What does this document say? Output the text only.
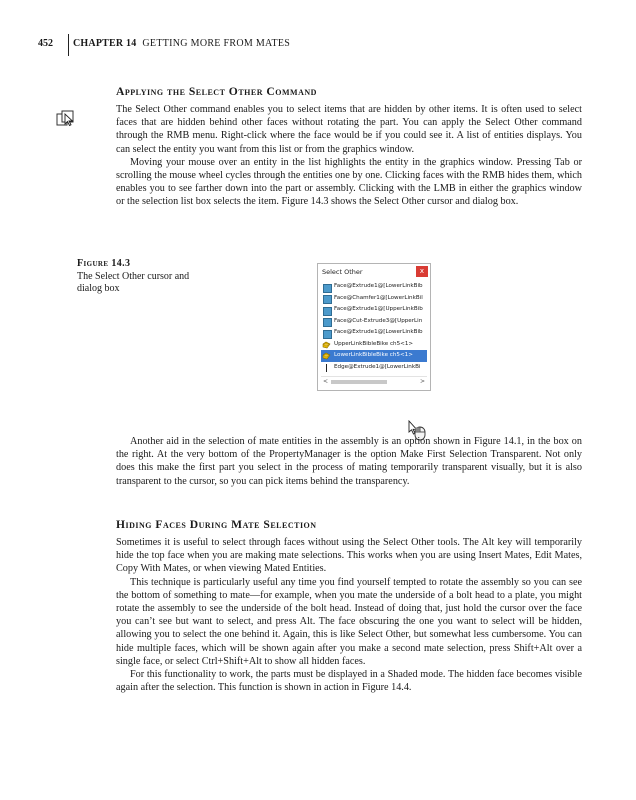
452 CHAPTER 14 GETTING MORE FROM MATES
Applying the Select Other Command

The Select Other command enables you to select items that are hidden by other items. It is often used to select faces that are hidden behind other faces without rotating the part. You can apply the Select Other command through the RMB menu. Right-click where the face would be if you could see it. A list of entities displays. You can select the entity you want from this list or from the graphics window.

Moving your mouse over an entity in the list highlights the entity in the graphics window. Pressing Tab or scrolling the mouse wheel cycles through the entities one by one. Clicking faces with the RMB hides them, which enables you to see farther down into the part or assembly. Clicking with the LMB in either the graphics window or the selection list box selects the item. Figure 14.3 shows the Select Other cursor and dialog box.

Figure 14.3
The Select Other cursor and dialog box
Select Other	x
Face@Extrude1@[LowerLinkBib
Face@Chamfer1@[LowerLinkBil
Face@Extrude1@[UpperLinkBib
Face@Cut-Extrude3@[UpperLin
Face@Extrude1@[LowerLinkBib
UpperLinkBibleBike ch5<1>
LowerLinkBibleBike ch5<1>
Edge@Extrude1@[LowerLinkBi
<	>

Another aid in the selection of mate entities in the assembly is an option shown in Figure 14.1, in the box on the right. At the very bottom of the PropertyManager is the option Make First Selection Transparent. Not only does this make the first part you select in the process of mating temporarily transparent visually, but it is also transparent to the cursor, so you can pick items behind the transparency.

Hiding Faces During Mate Selection

Sometimes it is useful to select through faces without using the Select Other tools. The Alt key will temporarily hide the top face when you are making mate selections. This works when you are using Insert Mates, Edit Mates, Copy With Mates, or when viewing Mated Entities.

This technique is particularly useful any time you find yourself tempted to rotate the assembly so you can see the bottom of something to mate—for example, when you mate the underside of a bolt head to a plate, you might rotate the assembly to see the underside of the bolt head. Instead of doing that, just hold the cursor over the face you can’t see but want to select, and press Alt. The face obscuring the one you want to select will be hidden, allowing you to select the one behind it. Again, this is like Select Other, but somewhat less cumbersome. You can hide multiple faces, which will be shown again after you make a second mate selection, press Shift+Alt over a single face, or select Ctrl+Shift+Alt to show all hidden faces.

For this functionality to work, the parts must be displayed in a Shaded mode. The hidden face becomes visible again after the selection. This function is shown in action in Figure 14.4.
